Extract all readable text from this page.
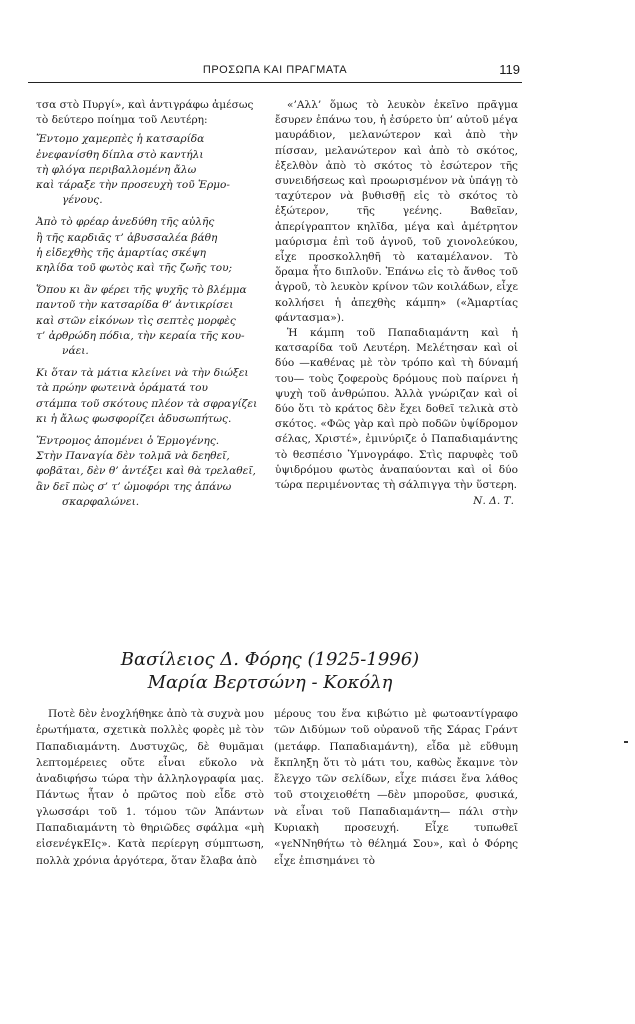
ΠΡΟΣΩΠΑ ΚΑΙ ΠΡΑΓΜΑΤΑ	119

τσα στὸ Πυργί», καὶ ἀντιγράφω ἀμέσως
τὸ δεύτερο ποίημα τοῦ Λευτέρη:

Ἔντομο χαμερπὲς ἡ κατσαρίδα
ἐνεφανίσθη δίπλα στὸ καντήλι
τὴ φλόγα περιβαλλομένη ἄλω
καὶ τάραξε τὴν προσευχὴ τοῦ Ἑρμο-
γένους.
Ἀπὸ τὸ φρέαρ ἀνεδύθη τῆς αὐλῆς
ἢ τῆς καρδιᾶς τ’ ἀβυσσαλέα βάθη
ἡ εἰδεχθὴς τῆς ἁμαρτίας σκέψη
κηλίδα τοῦ φωτὸς καὶ τῆς ζωῆς του;
Ὅπου κι ἂν φέρει τῆς ψυχῆς τὸ βλέμμα
παντοῦ τὴν κατσαρίδα θ’ ἀντικρίσει
καὶ στῶν εἰκόνων τὶς σεπτὲς μορφὲς
τ’ ἀρθρώδη πόδια, τὴν κεραία τῆς κου-
νάει.
Κι ὅταν τὰ μάτια κλείνει νὰ τὴν διώξει
τὰ πρώην φωτεινὰ ὁράματά του
στάμπα τοῦ σκότους πλέον τὰ σφραγίζει
κι ἡ ἄλως φωσφορίζει ἀδυσωπήτως.
Ἔντρομος ἀπομένει ὁ Ἑρμογένης.
Στὴν Παναγία δὲν τολμᾶ νὰ δεηθεῖ,
φοβᾶται, δὲν θ’ ἀντέξει καὶ θὰ τρελαθεῖ,
ἂν δεῖ πὼς σ’ τ’ ὠμοφόρι της ἀπάνω
σκαρφαλώνει.

«’Αλλ’ ὅμως τὸ λευκὸν ἐκεῖνο πρᾶγμα ἔσυρεν ἐπάνω του, ἡ ἐσύρετο ὑπ’ αὐτοῦ μέγα μαυράδιον, μελανώτερον καὶ ἀπὸ τὴν πίσσαν, μελανώτερον καὶ ἀπὸ τὸ σκότος, ἐξελθὸν ἀπὸ τὸ σκότος τὸ ἐσώτερον τῆς συνειδήσεως καὶ προωρισμένον νὰ ὑπάγῃ τὸ ταχύτερον νὰ βυθισθῇ εἰς τὸ σκότος τὸ ἐξώτερον, τῆς γεένης. Βαθεῖαν, ἀπερίγραπτον κηλῖδα, μέγα καὶ ἀμέτρητον μαύρισμα ἐπὶ τοῦ ἁγνοῦ, τοῦ χιονολεύκου, εἶχε προσκολληθῆ τὸ καταμέλανον. Τὸ ὅραμα ἦτο διπλοῦν. Ἐπάνω εἰς τὸ ἄνθος τοῦ ἀγροῦ, τὸ λευκὸν κρίνον τῶν κοιλάδων, εἶχε κολλήσει ἡ ἀπεχθὴς κάμπη» («Ἁμαρτίας φάντασμα»).

Ἡ κάμπη τοῦ Παπαδιαμάντη καὶ ἡ κατσαρίδα τοῦ Λευτέρη. Μελέτησαν καὶ οἱ δύο —καθένας μὲ τὸν τρόπο καὶ τὴ δύναμή του— τοὺς ζοφεροὺς δρόμους ποὺ παίρνει ἡ ψυχὴ τοῦ ἀνθρώπου. Ἀλλὰ γνώριζαν καὶ οἱ δύο ὅτι τὸ κράτος δὲν ἔχει δοθεῖ τελικὰ στὸ σκότος. «Φῶς γὰρ καὶ πρὸ ποδῶν ὑψίδρομον σέλας, Χριστέ», ἐμινύριζε ὁ Παπαδιαμάντης τὸ θεσπέσιο Ὑμνογράφο. Στὶς παρυφὲς τοῦ ὑψιδρόμου φωτὸς ἀναπαύονται καὶ οἱ δύο τώρα περιμένοντας τὴ σάλπιγγα τὴν ὕστερη.

Ν. Δ. Τ.
Βασίλειος Δ. Φόρης (1925-1996)
Μαρία Βερτσώνη - Κοκόλη

Ποτὲ δὲν ἐνοχλήθηκε ἀπὸ τὰ συχνὰ μου ἐρωτήματα, σχετικὰ πολλὲς φορὲς μὲ τὸν Παπαδιαμάντη. Δυστυχῶς, δὲ θυμᾶμαι λεπτομέρειες οὔτε εἶναι εὔκολο νὰ ἀναδιφήσω τώρα τὴν ἀλληλογραφία μας. Πάντως ἦταν ὁ πρῶτος ποὺ εἶδε στὸ γλωσσάρι τοῦ 1. τόμου τῶν Ἁπάντων Παπαδιαμάντη τὸ θηριῶδες σφάλμα «μὴ εἰσενέγκΕΙς». Κατὰ περίεργη σύμπτωση, πολλὰ χρόνια ἀργότερα, ὅταν ἔλαβα ἀπὸ

μέρους του ἕνα κιβώτιο μὲ φωτοαντίγραφο τῶν Διδύμων τοῦ οὐρανοῦ τῆς Σάρας Γράντ (μετάφρ. Παπαδιαμάντη), εἶδα μὲ εὔθυμη ἔκπληξη ὅτι τὸ μάτι του, καθὼς ἔκαμνε τὸν ἔλεγχο τῶν σελίδων, εἶχε πιάσει ἕνα λάθος τοῦ στοιχειοθέτη —δὲν μποροῦσε, φυσικά, νὰ εἶναι τοῦ Παπαδιαμάντη— πάλι στὴν Κυριακὴ προσευχή. Εἶχε τυπωθεῖ «γεΝΝηθήτω τὸ θέλημά Σου», καὶ ὁ Φόρης εἶχε ἐπισημάνει τὸ
